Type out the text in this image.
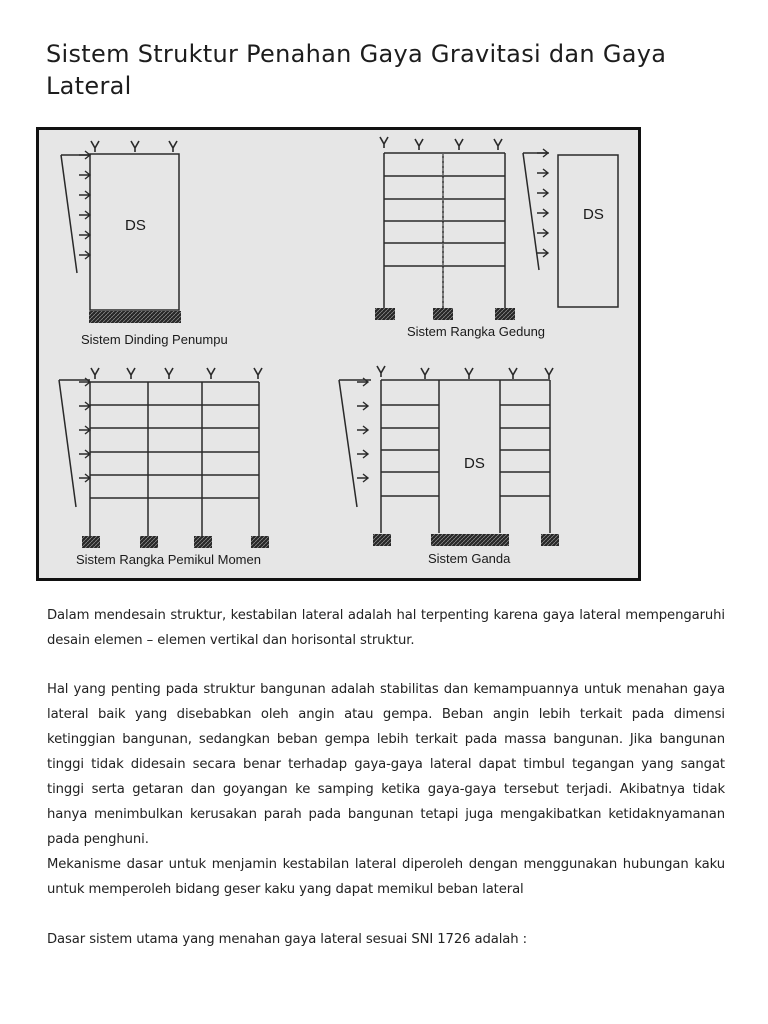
Sistem Struktur Penahan Gaya Gravitasi dan Gaya Lateral
DS
Sistem Dinding Penumpu
DS
Sistem Rangka Gedung
Sistem Rangka Pemikul Momen
DS
Sistem Ganda

Dalam mendesain struktur, kestabilan lateral adalah hal terpenting karena gaya lateral mempengaruhi desain elemen – elemen vertikal dan horisontal struktur.

Hal yang penting pada struktur bangunan adalah stabilitas dan kemampuannya untuk menahan gaya lateral baik yang disebabkan oleh angin atau gempa. Beban angin lebih terkait pada dimensi ketinggian bangunan, sedangkan beban gempa lebih terkait pada massa bangunan. Jika bangunan tinggi tidak didesain secara benar terhadap gaya-gaya lateral dapat timbul tegangan yang sangat tinggi serta getaran dan goyangan ke samping ketika gaya-gaya tersebut terjadi. Akibatnya tidak hanya menimbulkan kerusakan parah pada bangunan tetapi juga mengakibatkan ketidaknyamanan pada penghuni.

Mekanisme dasar untuk menjamin kestabilan lateral diperoleh dengan menggunakan hubungan kaku untuk memperoleh bidang geser kaku yang dapat memikul beban lateral

Dasar sistem utama yang menahan gaya lateral sesuai SNI 1726 adalah :
